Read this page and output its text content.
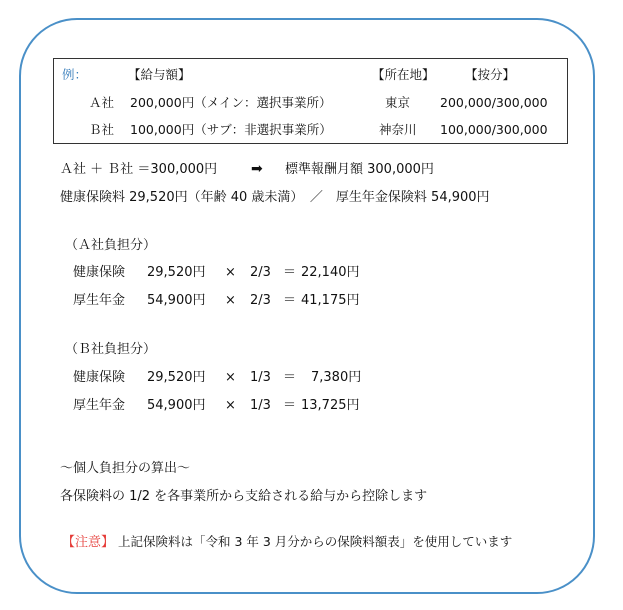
例：	【給与額】	【所在地】 【按分】
Ａ社 200,000円（メイン：選択事業所）	東京 200,000/300,000
Ｂ社 100,000円（サブ：非選択事業所）	神奈川 100,000/300,000
Ａ社 ＋ Ｂ社 ＝300,000円 ➡ 標準報酬月額 300,000円
健康保険料 29,520円（年齢 40 歳未満）　／　厚生年金保険料 54,900円
（Ａ社負担分）
健康保険 29,520円 × 2/3 ＝ 22,140円
厚生年金 54,900円 × 2/3 ＝ 41,175円
（Ｂ社負担分）
健康保険 29,520円 × 1/3 ＝ 7,380円
厚生年金 54,900円 × 1/3 ＝ 13,725円
～個人負担分の算出～
各保険料の 1/2 を各事業所から支給される給与から控除します
【注意】 上記保険料は「令和 3 年 3 月分からの保険料額表」を使用しています
